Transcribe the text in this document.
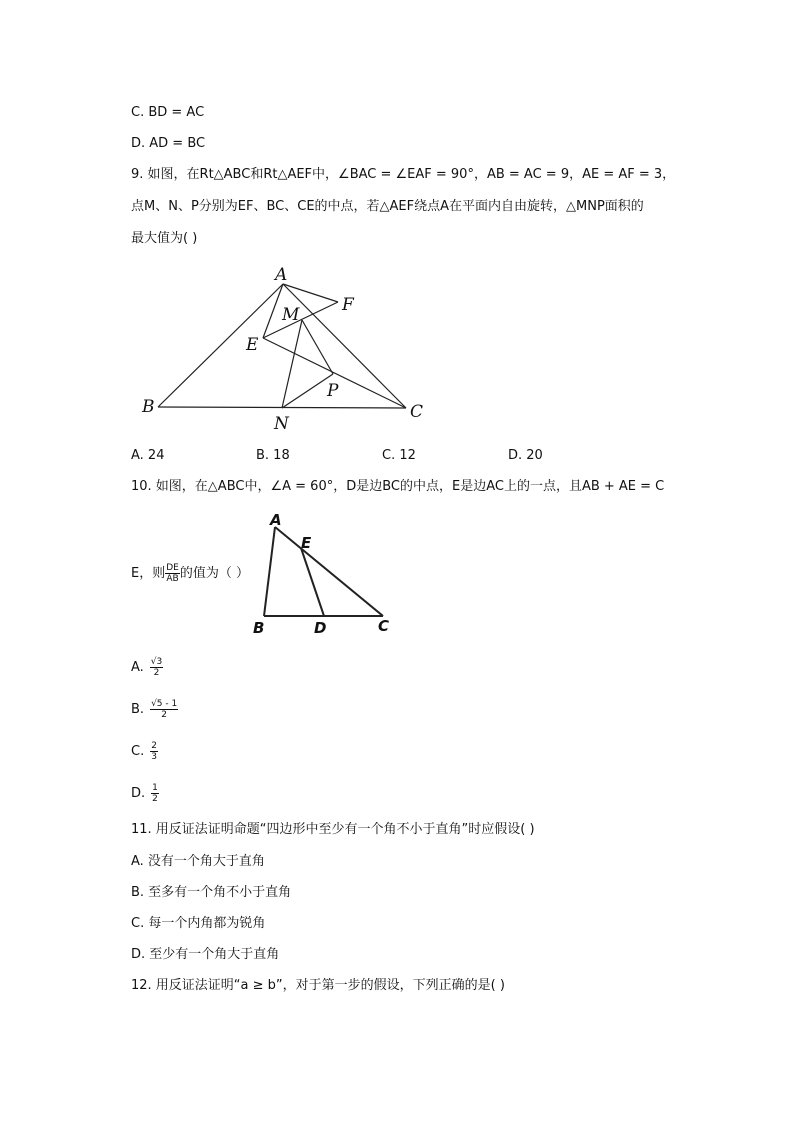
C. BD = AC
D. AD = BC
9. 如图，在Rt△ABC和Rt△AEF中，∠BAC = ∠EAF = 90°，AB = AC = 9，AE = AF = 3，
点M、N、P分别为EF、BC、CE的中点，若△AEF绕点A在平面内自由旋转，△MNP面积的
最大值为( )
A
F
M
E
P
B
N
C
A. 24	B. 18	C. 12	D. 20
10. 如图，在△ABC中，∠A = 60°，D是边BC的中点，E是边AC上的一点，且AB + AE = C
A
E
B	D	C
E，则 $\frac{DE}{AB}$ 的值为（ ）
A. $\frac{√3}{2}$
B. $\frac{√5 - 1}{2}$
C. $\frac{2}{3}$
D. $\frac{1}{2}$
11. 用反证法证明命题“四边形中至少有一个角不小于直角”时应假设( )
A. 没有一个角大于直角
B. 至多有一个角不小于直角
C. 每一个内角都为锐角
D. 至少有一个角大于直角
12. 用反证法证明“a ≥ b”，对于第一步的假设，下列正确的是( )
